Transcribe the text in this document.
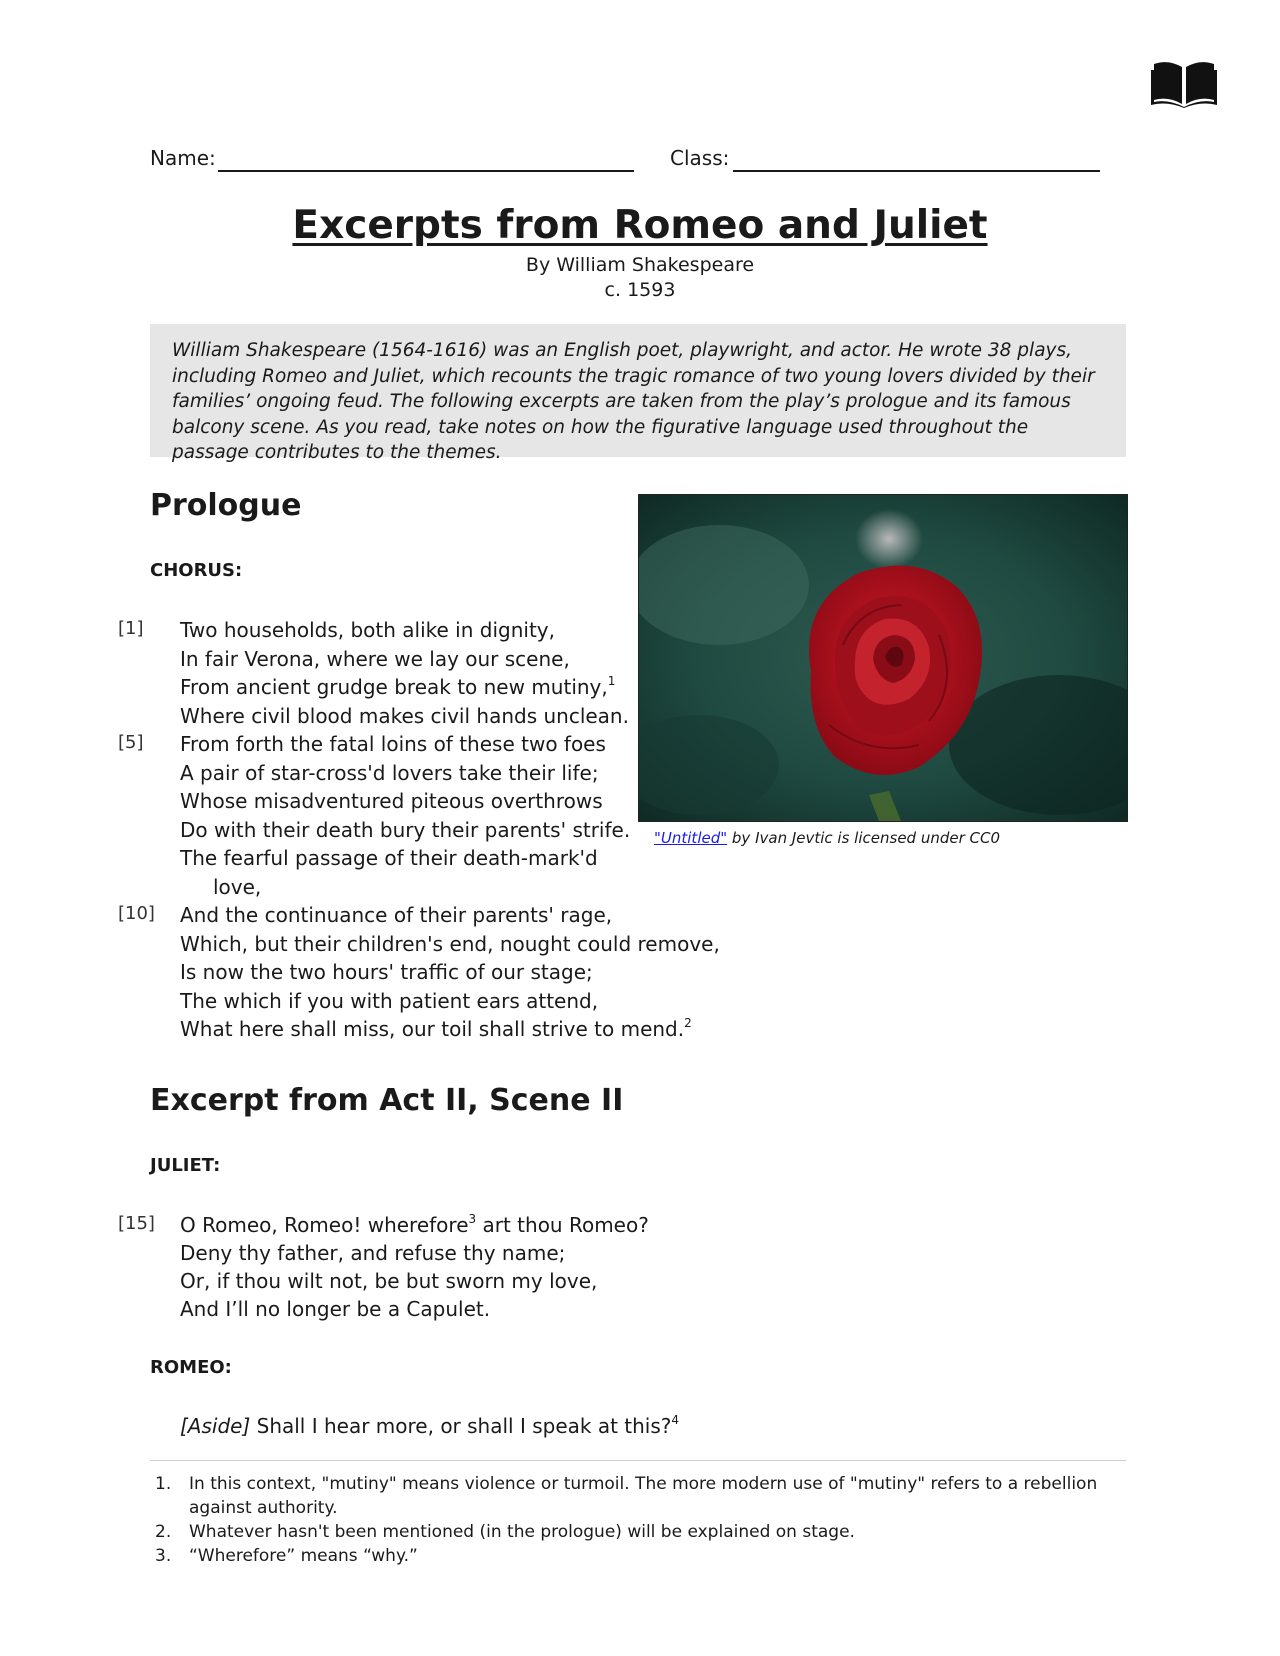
Name:	Class:
Excerpts from Romeo and Juliet
By William Shakespeare
c. 1593
William Shakespeare (1564-1616) was an English poet, playwright, and actor. He wrote 38 plays, including Romeo and Juliet, which recounts the tragic romance of two young lovers divided by their families’ ongoing feud. The following excerpts are taken from the play’s prologue and its famous balcony scene. As you read, take notes on how the figurative language used throughout the passage contributes to the themes.
Prologue
CHORUS:
[1] Two households, both alike in dignity,
In fair Verona, where we lay our scene,
From ancient grudge break to new mutiny,$^1$
Where civil blood makes civil hands unclean.
[5] From forth the fatal loins of these two foes
A pair of star-cross'd lovers take their life;
Whose misadventured piteous overthrows
Do with their death bury their parents' strife.
The fearful passage of their death-mark'd
love,
[10] And the continuance of their parents' rage,
Which, but their children's end, nought could remove,
Is now the two hours' traffic of our stage;
The which if you with patient ears attend,
What here shall miss, our toil shall strive to mend.$^2$
"Untitled" by Ivan Jevtic is licensed under CC0
Excerpt from Act II, Scene II
JULIET:
[15] O Romeo, Romeo! wherefore$^3$ art thou Romeo?
Deny thy father, and refuse thy name;
Or, if thou wilt not, be but sworn my love,
And I’ll no longer be a Capulet.
ROMEO:
[Aside] Shall I hear more, or shall I speak at this?$^4$
1. In this context, "mutiny" means violence or turmoil. The more modern use of "mutiny" refers to a rebellion against authority.
2. Whatever hasn't been mentioned (in the prologue) will be explained on stage.
3. “Wherefore” means “why.”
